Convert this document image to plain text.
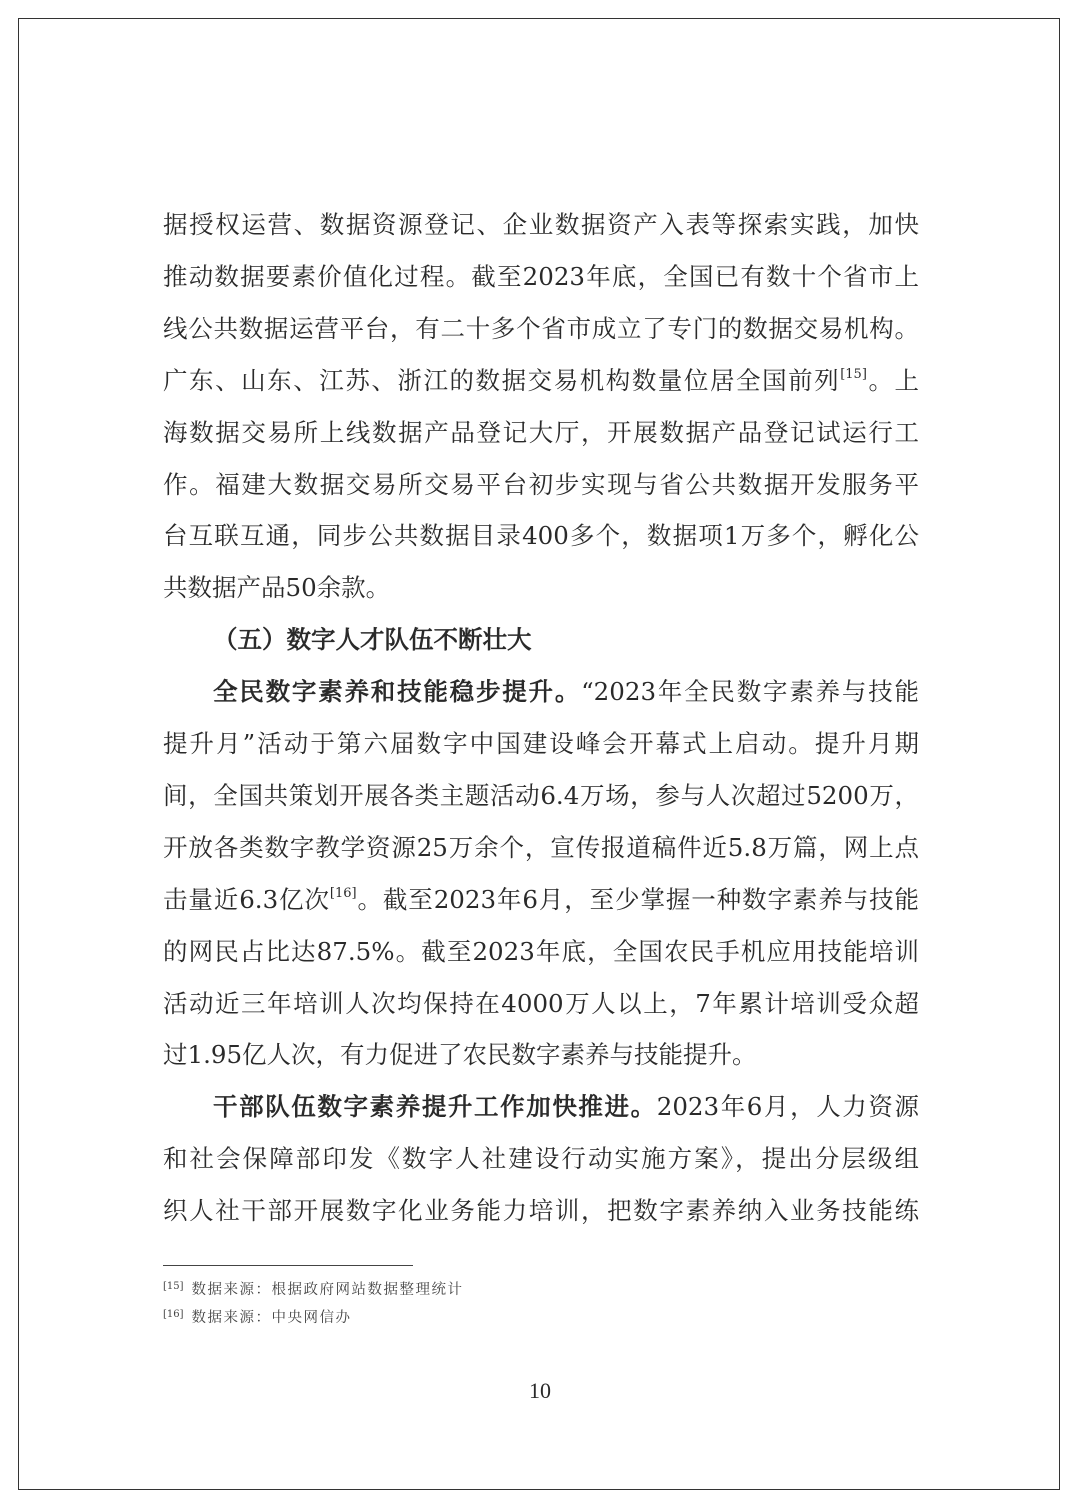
据授权运营、数据资源登记、企业数据资产入表等探索实践，加快
推动数据要素价值化过程。截至2023年底，全国已有数十个省市上
线公共数据运营平台，有二十多个省市成立了专门的数据交易机构。
广东、山东、江苏、浙江的数据交易机构数量位居全国前列[15]。上
海数据交易所上线数据产品登记大厅，开展数据产品登记试运行工
作。福建大数据交易所交易平台初步实现与省公共数据开发服务平
台互联互通，同步公共数据目录400多个，数据项1万多个，孵化公
共数据产品50余款。
（五）数字人才队伍不断壮大
全民数字素养和技能稳步提升。“2023年全民数字素养与技能
提升月”活动于第六届数字中国建设峰会开幕式上启动。提升月期
间，全国共策划开展各类主题活动6.4万场，参与人次超过5200万，
开放各类数字教学资源25万余个，宣传报道稿件近5.8万篇，网上点
击量近6.3亿次[16]。截至2023年6月，至少掌握一种数字素养与技能
的网民占比达87.5%。截至2023年底，全国农民手机应用技能培训
活动近三年培训人次均保持在4000万人以上，7年累计培训受众超
过1.95亿人次，有力促进了农民数字素养与技能提升。
干部队伍数字素养提升工作加快推进。2023年6月，人力资源
和社会保障部印发《数字人社建设行动实施方案》，提出分层级组
织人社干部开展数字化业务能力培训，把数字素养纳入业务技能练
[15] 数据来源：根据政府网站数据整理统计
[16] 数据来源：中央网信办
10
